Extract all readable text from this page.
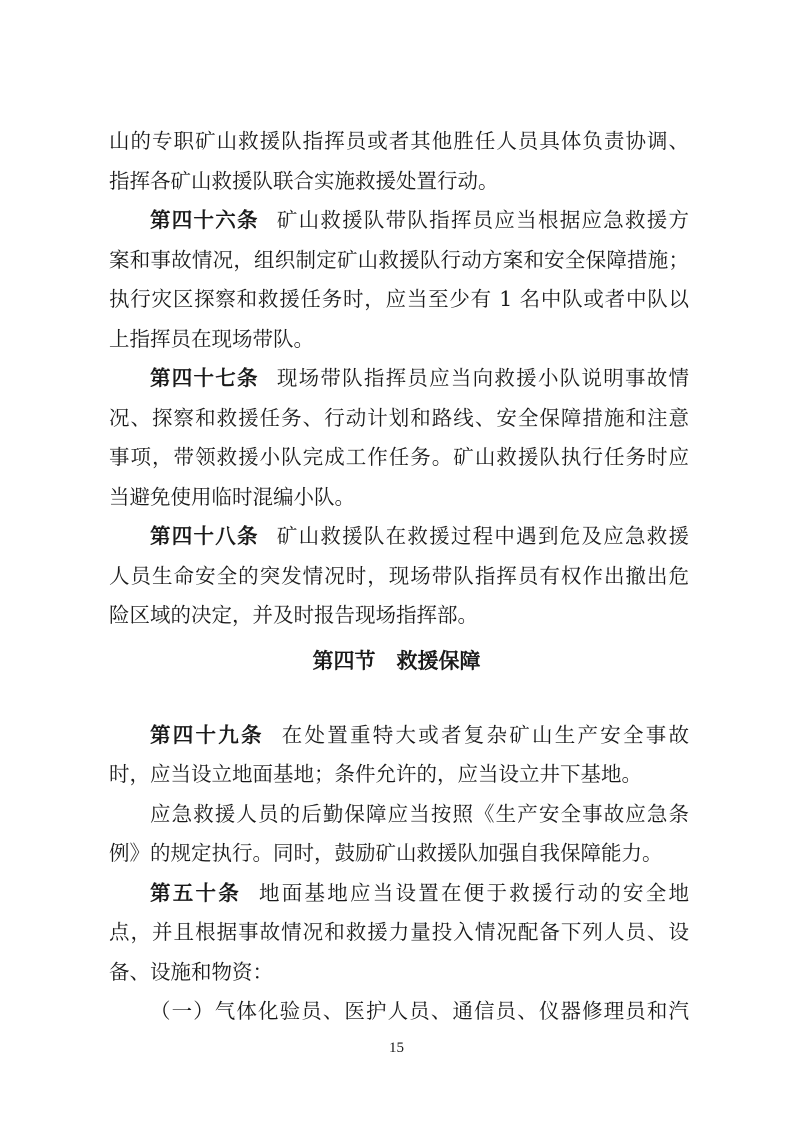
山的专职矿山救援队指挥员或者其他胜任人员具体负责协调、
指挥各矿山救援队联合实施救援处置行动。
第四十六条 矿山救援队带队指挥员应当根据应急救援方
案和事故情况，组织制定矿山救援队行动方案和安全保障措施；
执行灾区探察和救援任务时，应当至少有 1 名中队或者中队以
上指挥员在现场带队。
第四十七条 现场带队指挥员应当向救援小队说明事故情
况、探察和救援任务、行动计划和路线、安全保障措施和注意
事项，带领救援小队完成工作任务。矿山救援队执行任务时应
当避免使用临时混编小队。
第四十八条 矿山救援队在救援过程中遇到危及应急救援
人员生命安全的突发情况时，现场带队指挥员有权作出撤出危
险区域的决定，并及时报告现场指挥部。
第四节　救援保障
第四十九条 在处置重特大或者复杂矿山生产安全事故
时，应当设立地面基地；条件允许的，应当设立井下基地。
应急救援人员的后勤保障应当按照《生产安全事故应急条
例》的规定执行。同时，鼓励矿山救援队加强自我保障能力。
第五十条 地面基地应当设置在便于救援行动的安全地
点，并且根据事故情况和救援力量投入情况配备下列人员、设
备、设施和物资：
（一）气体化验员、医护人员、通信员、仪器修理员和汽
15
